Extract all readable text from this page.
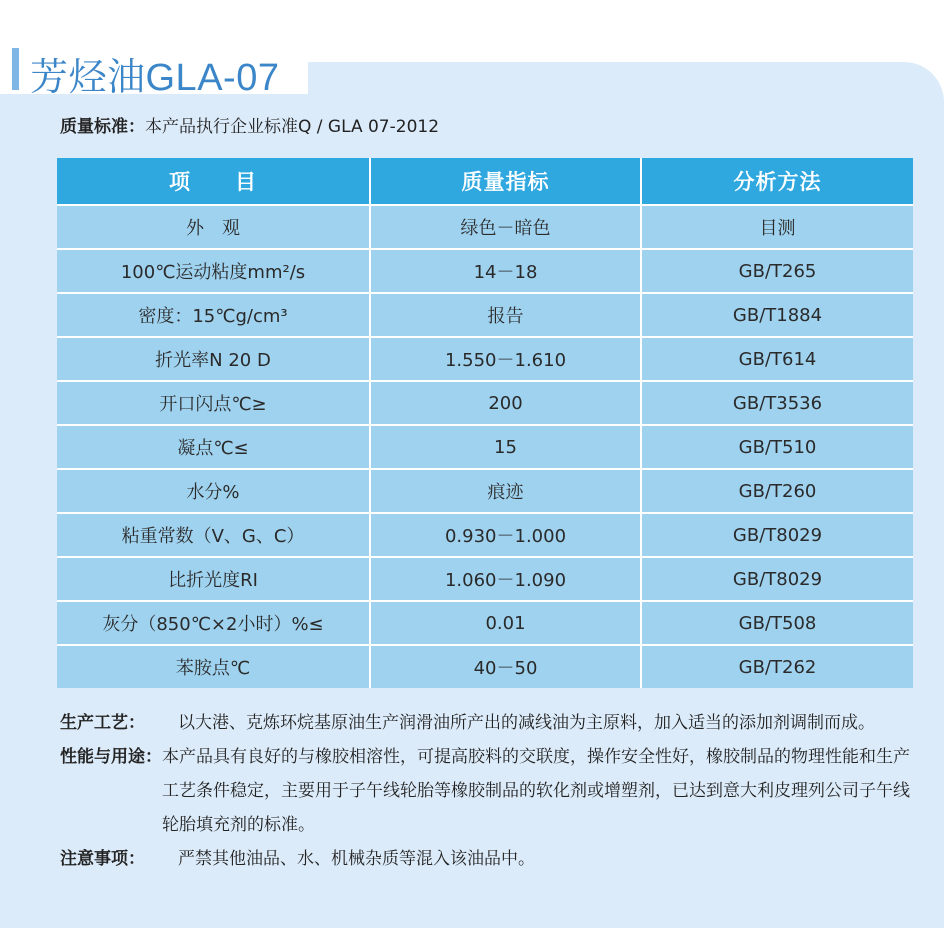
芳烃油GLA-07
质量标准：本产品执行企业标准Q / GLA 07-2012
项　　目	质量指标	分析方法
外　观	绿色－暗色	目测
100℃运动粘度mm²/s	14－18	GB/T265
密度：15℃g/cm³	报告	GB/T1884
折光率N 20 D	1.550－1.610	GB/T614
开口闪点℃≥	200	GB/T3536
凝点℃≤	15	GB/T510
水分%	痕迹	GB/T260
粘重常数（V、G、C）	0.930－1.000	GB/T8029
比折光度RI	1.060－1.090	GB/T8029
灰分（850℃×2小时）%≤	0.01	GB/T508
苯胺点℃	40－50	GB/T262
生产工艺：	以大港、克炼环烷基原油生产润滑油所产出的减线油为主原料，加入适当的添加剂调制而成。
性能与用途： 本产品具有良好的与橡胶相溶性，可提高胶料的交联度，操作安全性好，橡胶制品的物理性能和生产工艺条件稳定，主要用于子午线轮胎等橡胶制品的软化剂或增塑剂，已达到意大利皮理列公司子午线轮胎填充剂的标准。
注意事项：	严禁其他油品、水、机械杂质等混入该油品中。
